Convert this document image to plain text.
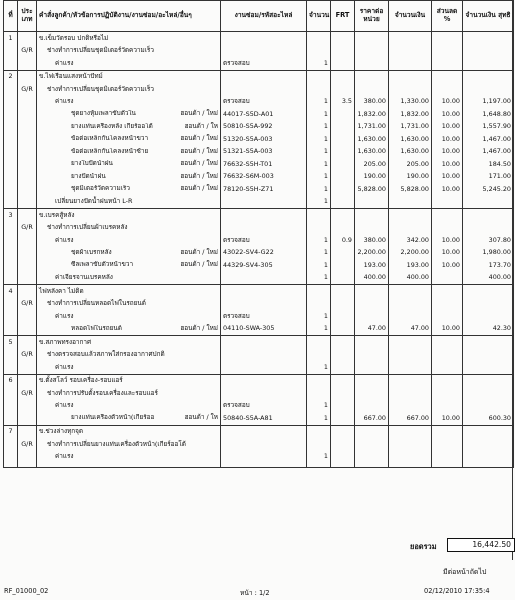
ที่	ประ เภท	คำสั่งลูกค้า/หัวข้อการปฏิบัติงาน/งานซ่อม/อะไหล่/อื่นๆ	งานซ่อม/รหัสอะไหล่	จำนวน	FRT	ราคาต่อ หน่วย	จำนวนเงิน	ส่วนลด %	จำนวนเงิน สุทธิ
1		ข.เข็มวัดรอบ ปกติหรือไม่							
	G/R	ช่างทำการเปลี่ยนชุดมิเตอร์วัดความเร็ว							
		ค่าแรง	ตรวจสอบ	1					
2		ข.ไฟเรือนแสงหน้าปัทม์							
	G/R	ช่างทำการเปลี่ยนชุดมิเตอร์วัดความเร็ว							
		ค่าแรง	ตรวจสอบ	1	3.5	380.00	1,330.00	10.00	1,197.00
		ชุดยางหุ้มเพลาขับตัวใน ฮอนด้า / ใหม่	44017-S5D-A01	1		1,832.00	1,832.00	10.00	1,648.80
		ยางแท่นเครื่องหลัง เกียร์ออโต้ ฮอนด้า / ให	50810-S5A-992	1		1,731.00	1,731.00	10.00	1,557.90
		ข้อต่อเหล็กกันโคลงหน้าขวา ฮอนด้า / ใหม่	51320-S5A-003	1		1,630.00	1,630.00	10.00	1,467.00
		ข้อต่อเหล็กกันโคลงหน้าซ้าย ฮอนด้า / ใหม่	51321-S5A-003	1		1,630.00	1,630.00	10.00	1,467.00
		ยางใบปัดน้ำฝน ฮอนด้า / ใหม่	76632-S5H-T01	1		205.00	205.00	10.00	184.50
		ยางปัดน้ำฝน ฮอนด้า / ใหม่	76632-S6M-003	1		190.00	190.00	10.00	171.00
		ชุดมิเตอร์วัดความเร็ว ฮอนด้า / ใหม่	78120-S5H-Z71	1		5,828.00	5,828.00	10.00	5,245.20
		เปลี่ยนยางปัดน้ำฝนหน้า L-R		1					
3		ข.เบรคสู้หลัง							
	G/R	ช่างทำการเปลี่ยนผ้าเบรคหลัง							
		ค่าแรง	ตรวจสอบ	1	0.9	380.00	342.00	10.00	307.80
		ชุดผ้าเบรกหลัง ฮอนด้า / ใหม่	43022-SV4-G22	1		2,200.00	2,200.00	10.00	1,980.00
		ซีลเพลาขับตัวหน้าขวา ฮอนด้า / ใหม่	44329-SV4-305	1		193.00	193.00	10.00	173.70
		ค่าเจียรจานเบรคหลัง		1		400.00	400.00		400.00
4		ไฟหลังคา ไม่ติด							
	G/R	ช่างทำการเปลี่ยนหลอดไฟในรถยนต์							
		ค่าแรง	ตรวจสอบ	1					
		หลอดไฟในรถยนต์ ฮอนด้า / ใหม่	04110-SWA-305	1		47.00	47.00	10.00	42.30
5		ข.สภาพทรงอากาศ							
	G/R	ช่างตรวจสอบแล้วสภาพใส่กรองอากาศปกติ							
		ค่าแรง		1					
6		ข.ตั้งสโลว์ รอบเครื่อง-รอบแอร์							
	G/R	ช่างทำการปรับตั้งรอบเครื่องและรอบแอร์							
		ค่าแรง	ตรวจสอบ	1					
		ยางแท่นเครื่องตัวหน้า(เกียร์ออ ฮอนด้า / ให	50840-S5A-A81	1		667.00	667.00	10.00	600.30
7		ข.ช่วงล่างทุกจุด							
	G/R	ช่างทำการเปลี่ยนยางแท่นเครื่องตัวหน้า(เกียร์ออโต้							
		ค่าแรง		1					

ยอดรวม	16,442.50
มีต่อหน้าถัดไป
RF_01000_02	หน้า : 1/2	02/12/2010 17:35:4
